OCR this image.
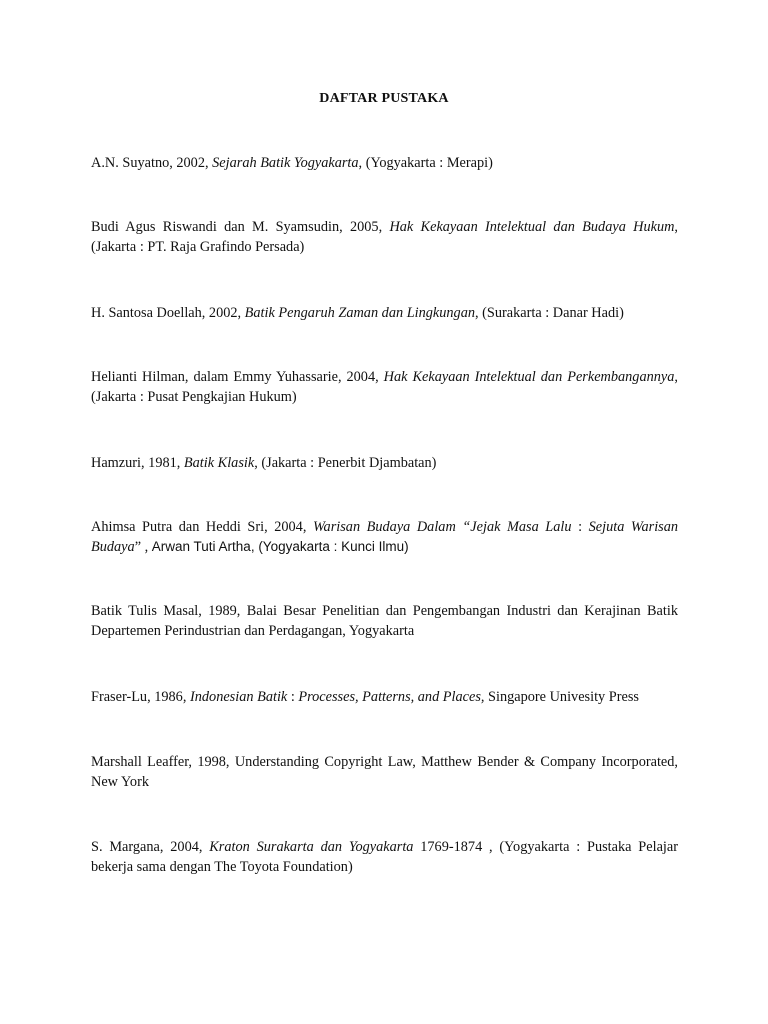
DAFTAR PUSTAKA

A.N. Suyatno, 2002, Sejarah Batik Yogyakarta, (Yogyakarta : Merapi)

Budi Agus Riswandi dan M. Syamsudin, 2005, Hak Kekayaan Intelektual dan Budaya Hukum, (Jakarta : PT. Raja Grafindo Persada)

H. Santosa Doellah, 2002, Batik Pengaruh Zaman dan Lingkungan, (Surakarta : Danar Hadi)

Helianti Hilman, dalam Emmy Yuhassarie, 2004, Hak Kekayaan Intelektual dan Perkembangannya, (Jakarta : Pusat Pengkajian Hukum)

Hamzuri, 1981, Batik Klasik, (Jakarta : Penerbit Djambatan)

Ahimsa Putra dan Heddi Sri, 2004, Warisan Budaya Dalam “Jejak Masa Lalu : Sejuta Warisan Budaya” , Arwan Tuti Artha, (Yogyakarta : Kunci Ilmu)

Batik Tulis Masal, 1989, Balai Besar Penelitian dan Pengembangan Industri dan Kerajinan Batik Departemen Perindustrian dan Perdagangan, Yogyakarta

Fraser-Lu, 1986, Indonesian Batik : Processes, Patterns, and Places, Singapore Univesity Press

Marshall Leaffer, 1998, Understanding Copyright Law, Matthew Bender & Company Incorporated, New York

S. Margana, 2004, Kraton Surakarta dan Yogyakarta 1769-1874 , (Yogyakarta : Pustaka Pelajar bekerja sama dengan The Toyota Foundation)
